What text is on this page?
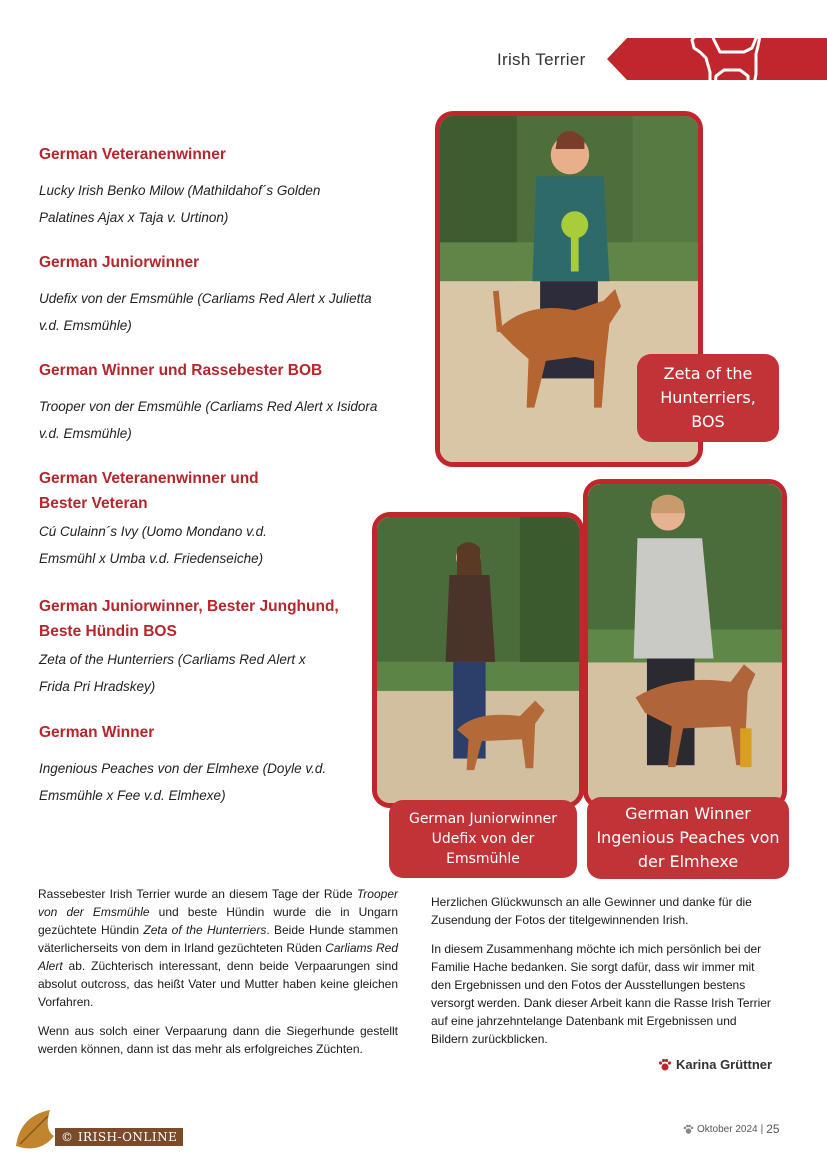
Irish Terrier
German Veteranenwinner
Lucky Irish Benko Milow (Mathildahof´s Golden Palatines Ajax x Taja v. Urtinon)
German Juniorwinner
Udefix von der Emsmühle (Carliams Red Alert x Julietta v.d. Emsmühle)
German Winner und Rassebester BOB
Trooper von der Emsmühle (Carliams Red Alert x Isidora v.d. Emsmühle)
German Veteranenwinner und Bester Veteran
Cú Culainn´s Ivy (Uomo Mondano v.d. Emsmühl x Umba v.d. Friedenseiche)
German Juniorwinner, Bester Junghund, Beste Hündin BOS
Zeta of the Hunterriers (Carliams Red Alert x Frida Pri Hradskey)
German Winner
Ingenious Peaches von der Elmhexe (Doyle v.d. Emsmühle x Fee v.d. Elmhexe)
Zeta of the Hunterriers, BOS
German Juniorwinner Udefix von der Emsmühle
German Winner Ingenious Peaches von der Elmhexe

Rassebester Irish Terrier wurde an diesem Tage der Rüde Trooper von der Emsmühle und beste Hündin wurde die in Ungarn gezüchtete Hündin Zeta of the Hunterriers. Beide Hunde stammen väterlicherseits von dem in Irland gezüchteten Rüden Carliams Red Alert ab. Züchterisch interessant, denn beide Verpaarungen sind absolut outcross, das heißt Vater und Mutter haben keine gleichen Vorfahren.

Wenn aus solch einer Verpaarung dann die Siegerhunde gestellt werden können, dann ist das mehr als erfolgreiches Züchten.

Herzlichen Glückwunsch an alle Gewinner und danke für die Zusendung der Fotos der titelgewinnenden Irish.

In diesem Zusammenhang möchte ich mich persönlich bei der Familie Hache bedanken. Sie sorgt dafür, dass wir immer mit den Ergebnissen und den Fotos der Ausstellungen bestens versorgt werden. Dank dieser Arbeit kann die Rasse Irish Terrier auf eine jahrzehntelange Datenbank mit Ergebnissen und Bildern zurückblicken.

Karina Grüttner
© IRISH-ONLINE
Oktober 2024 | 25
